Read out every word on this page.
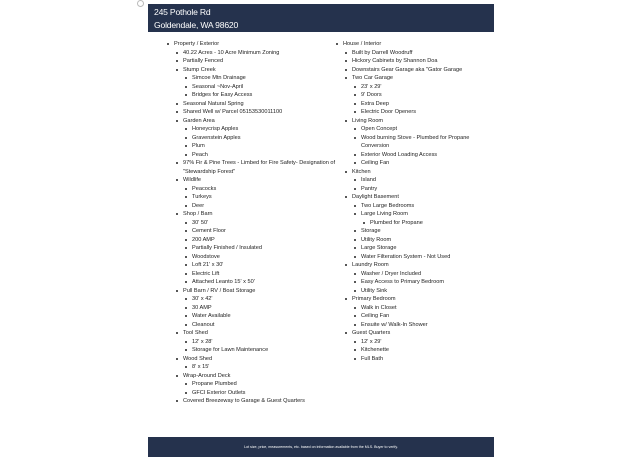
245 Pothole Rd
Goldendale, WA 98620
Property / Exterior
40.22 Acres - 10 Acre Minimum Zoning
Partially Fenced
Stump Creek
Simcoe Mtn Drainage
Seasonal ~Nov-April
Bridges for Easy Access
Seasonal Natural Spring
Shared Well w/ Parcel 05153530011100
Garden Area
Honeycrisp Apples
Gravenstein Apples
Plum
Peach
97% Fir & Pine Trees - Limbed for Fire Safety- Designation of "Stewardship Forest"
Wildlife
Peacocks
Turkeys
Deer
Shop / Barn
30' 50'
Cement Floor
200 AMP
Partially Finished / Insulated
Woodstove
Loft 21' x 30'
Electric Lift
Attached Leanto 15' x 50'
Pull Barn / RV / Boat Storage
30' x 42'
30 AMP
Water Available
Cleanout
Tool Shed
12' x 28'
Storage for Lawn Maintenance
Wood Shed
8' x 15'
Wrap-Around Deck
Propane Plumbed
GFCI Exterior Outlets
Covered Breezeway to Garage & Guest Quarters
House / Interior
Built by Darrell Woodruff
Hickory Cabinets by Shannon Doa
Downstairs Gear Garage aka "Gator Garage
Two Car Garage
23' x 29'
9' Doors
Extra Deep
Electric Door Openers
Living Room
Open Concept
Wood burning Stove - Plumbed for Propane Conversion
Exterior Wood Loading Access
Ceiling Fan
Kitchen
Island
Pantry
Daylight Basement
Two Large Bedrooms
Large Living Room
Plumbed for Propane
Storage
Utility Room
Large Storage
Water Filteration System - Not Used
Laundry Room
Washer / Dryer Included
Easy Access to Primary Bedroom
Utility Sink
Primary Bedroom
Walk in Closet
Ceiling Fan
Ensuite w/ Walk-In Shower
Guest Quarters
12' x 29'
Kitchenette
Full Bath
Lot size, price, measurements, etc. based on information available from the MLS. Buyer to verify.
